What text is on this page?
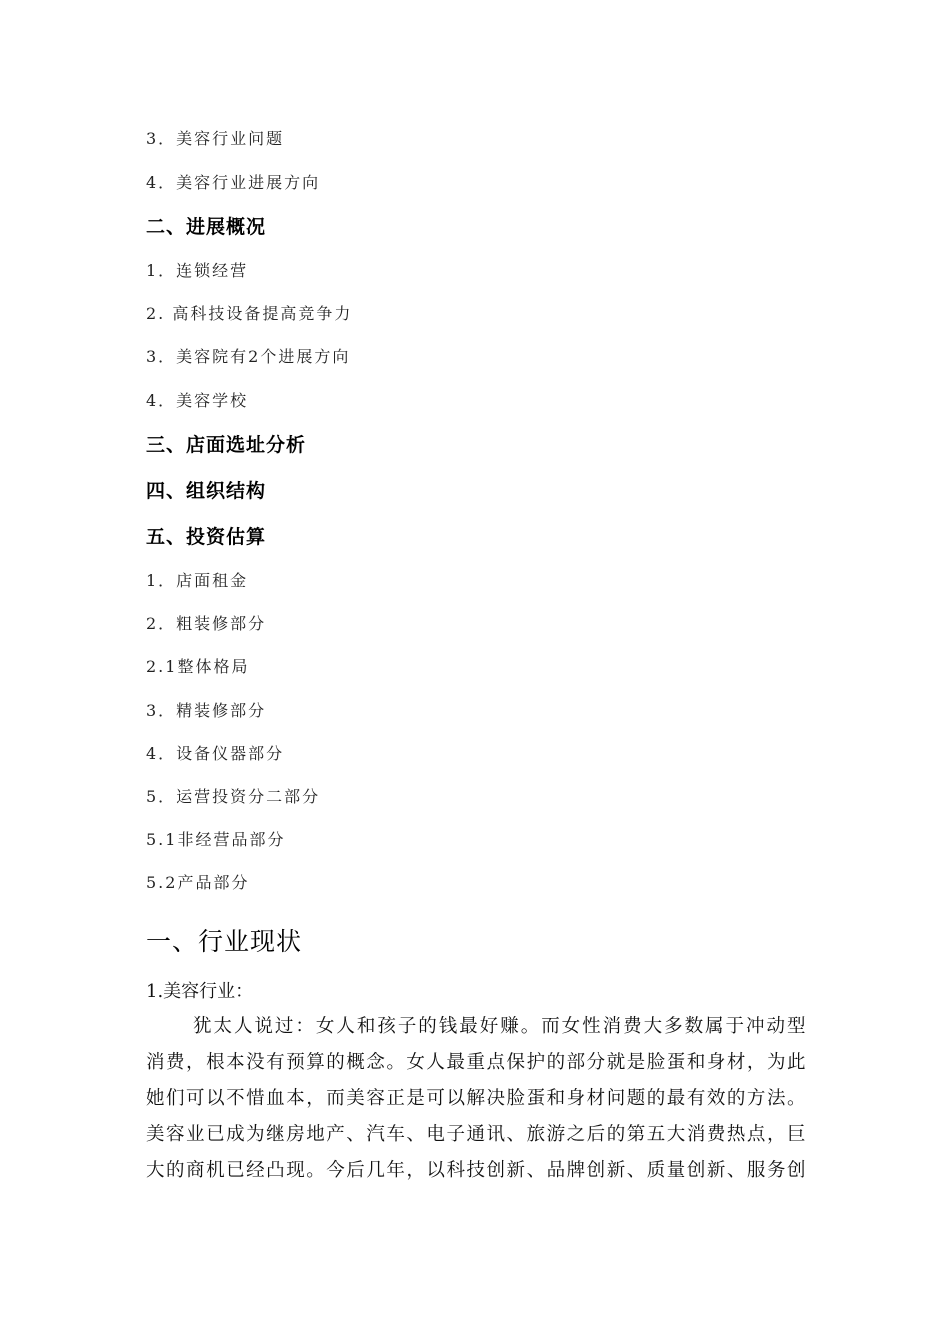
3．美容行业问题
4．美容行业进展方向
二、进展概况
1．连锁经营
2. 高科技设备提高竞争力
3．美容院有2个进展方向
4．美容学校
三、店面选址分析
四、组织结构
五、投资估算
1．店面租金
2．粗装修部分
2.1整体格局
3．精装修部分
4．设备仪器部分
5．运营投资分二部分
5.1非经营品部分
5.2产品部分
一、行业现状
1.美容行业：
犹太人说过：女人和孩子的钱最好赚。而女性消费大多数属于冲动型
消费，根本没有预算的概念。女人最重点保护的部分就是脸蛋和身材，为此
她们可以不惜血本，而美容正是可以解决脸蛋和身材问题的最有效的方法。
美容业已成为继房地产、汽车、电子通讯、旅游之后的第五大消费热点，巨
大的商机已经凸现。今后几年，以科技创新、品牌创新、质量创新、服务创
